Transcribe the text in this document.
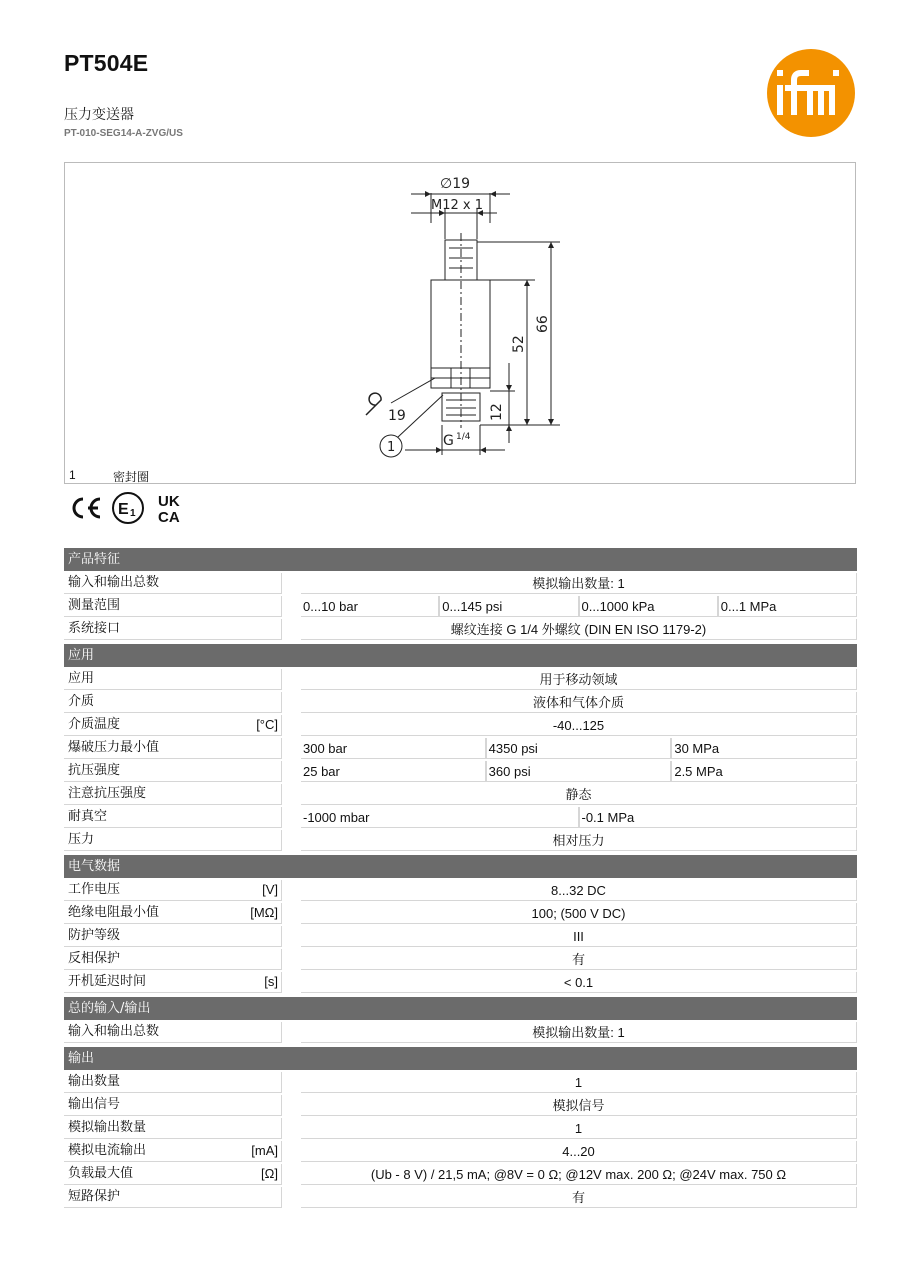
PT504E
压力变送器
PT-010-SEG14-A-ZVG/US
∅19
M12 x 1
66
52
12
19
G 1/4
1
1	密封圈
E 1
UK
CA
产品特征
输入和输出总数	模拟输出数量: 1
测量范围	0...10 bar	0...145 psi	0...1000 kPa	0...1 MPa
系统接口	螺纹连接 G 1/4 外螺纹 (DIN EN ISO 1179-2)
应用
应用	用于移动领域
介质	液体和气体介质
介质温度	[°C]	-40...125
爆破压力最小值	300 bar	4350 psi	30 MPa
抗压强度	25 bar	360 psi	2.5 MPa
注意抗压强度	静态
耐真空	-1000 mbar	-0.1 MPa
压力	相对压力
电气数据
工作电压	[V]	8...32 DC
绝缘电阻最小值	[MΩ]	100; (500 V DC)
防护等级	III
反相保护	有
开机延迟时间	[s]	< 0.1
总的输入/输出
输入和输出总数	模拟输出数量: 1
输出
输出数量	1
输出信号	模拟信号
模拟输出数量	1
模拟电流输出	[mA]	4...20
负载最大值	[Ω]	(Ub - 8 V) / 21,5 mA; @8V = 0 Ω; @12V max. 200 Ω; @24V max. 750 Ω
短路保护	有
